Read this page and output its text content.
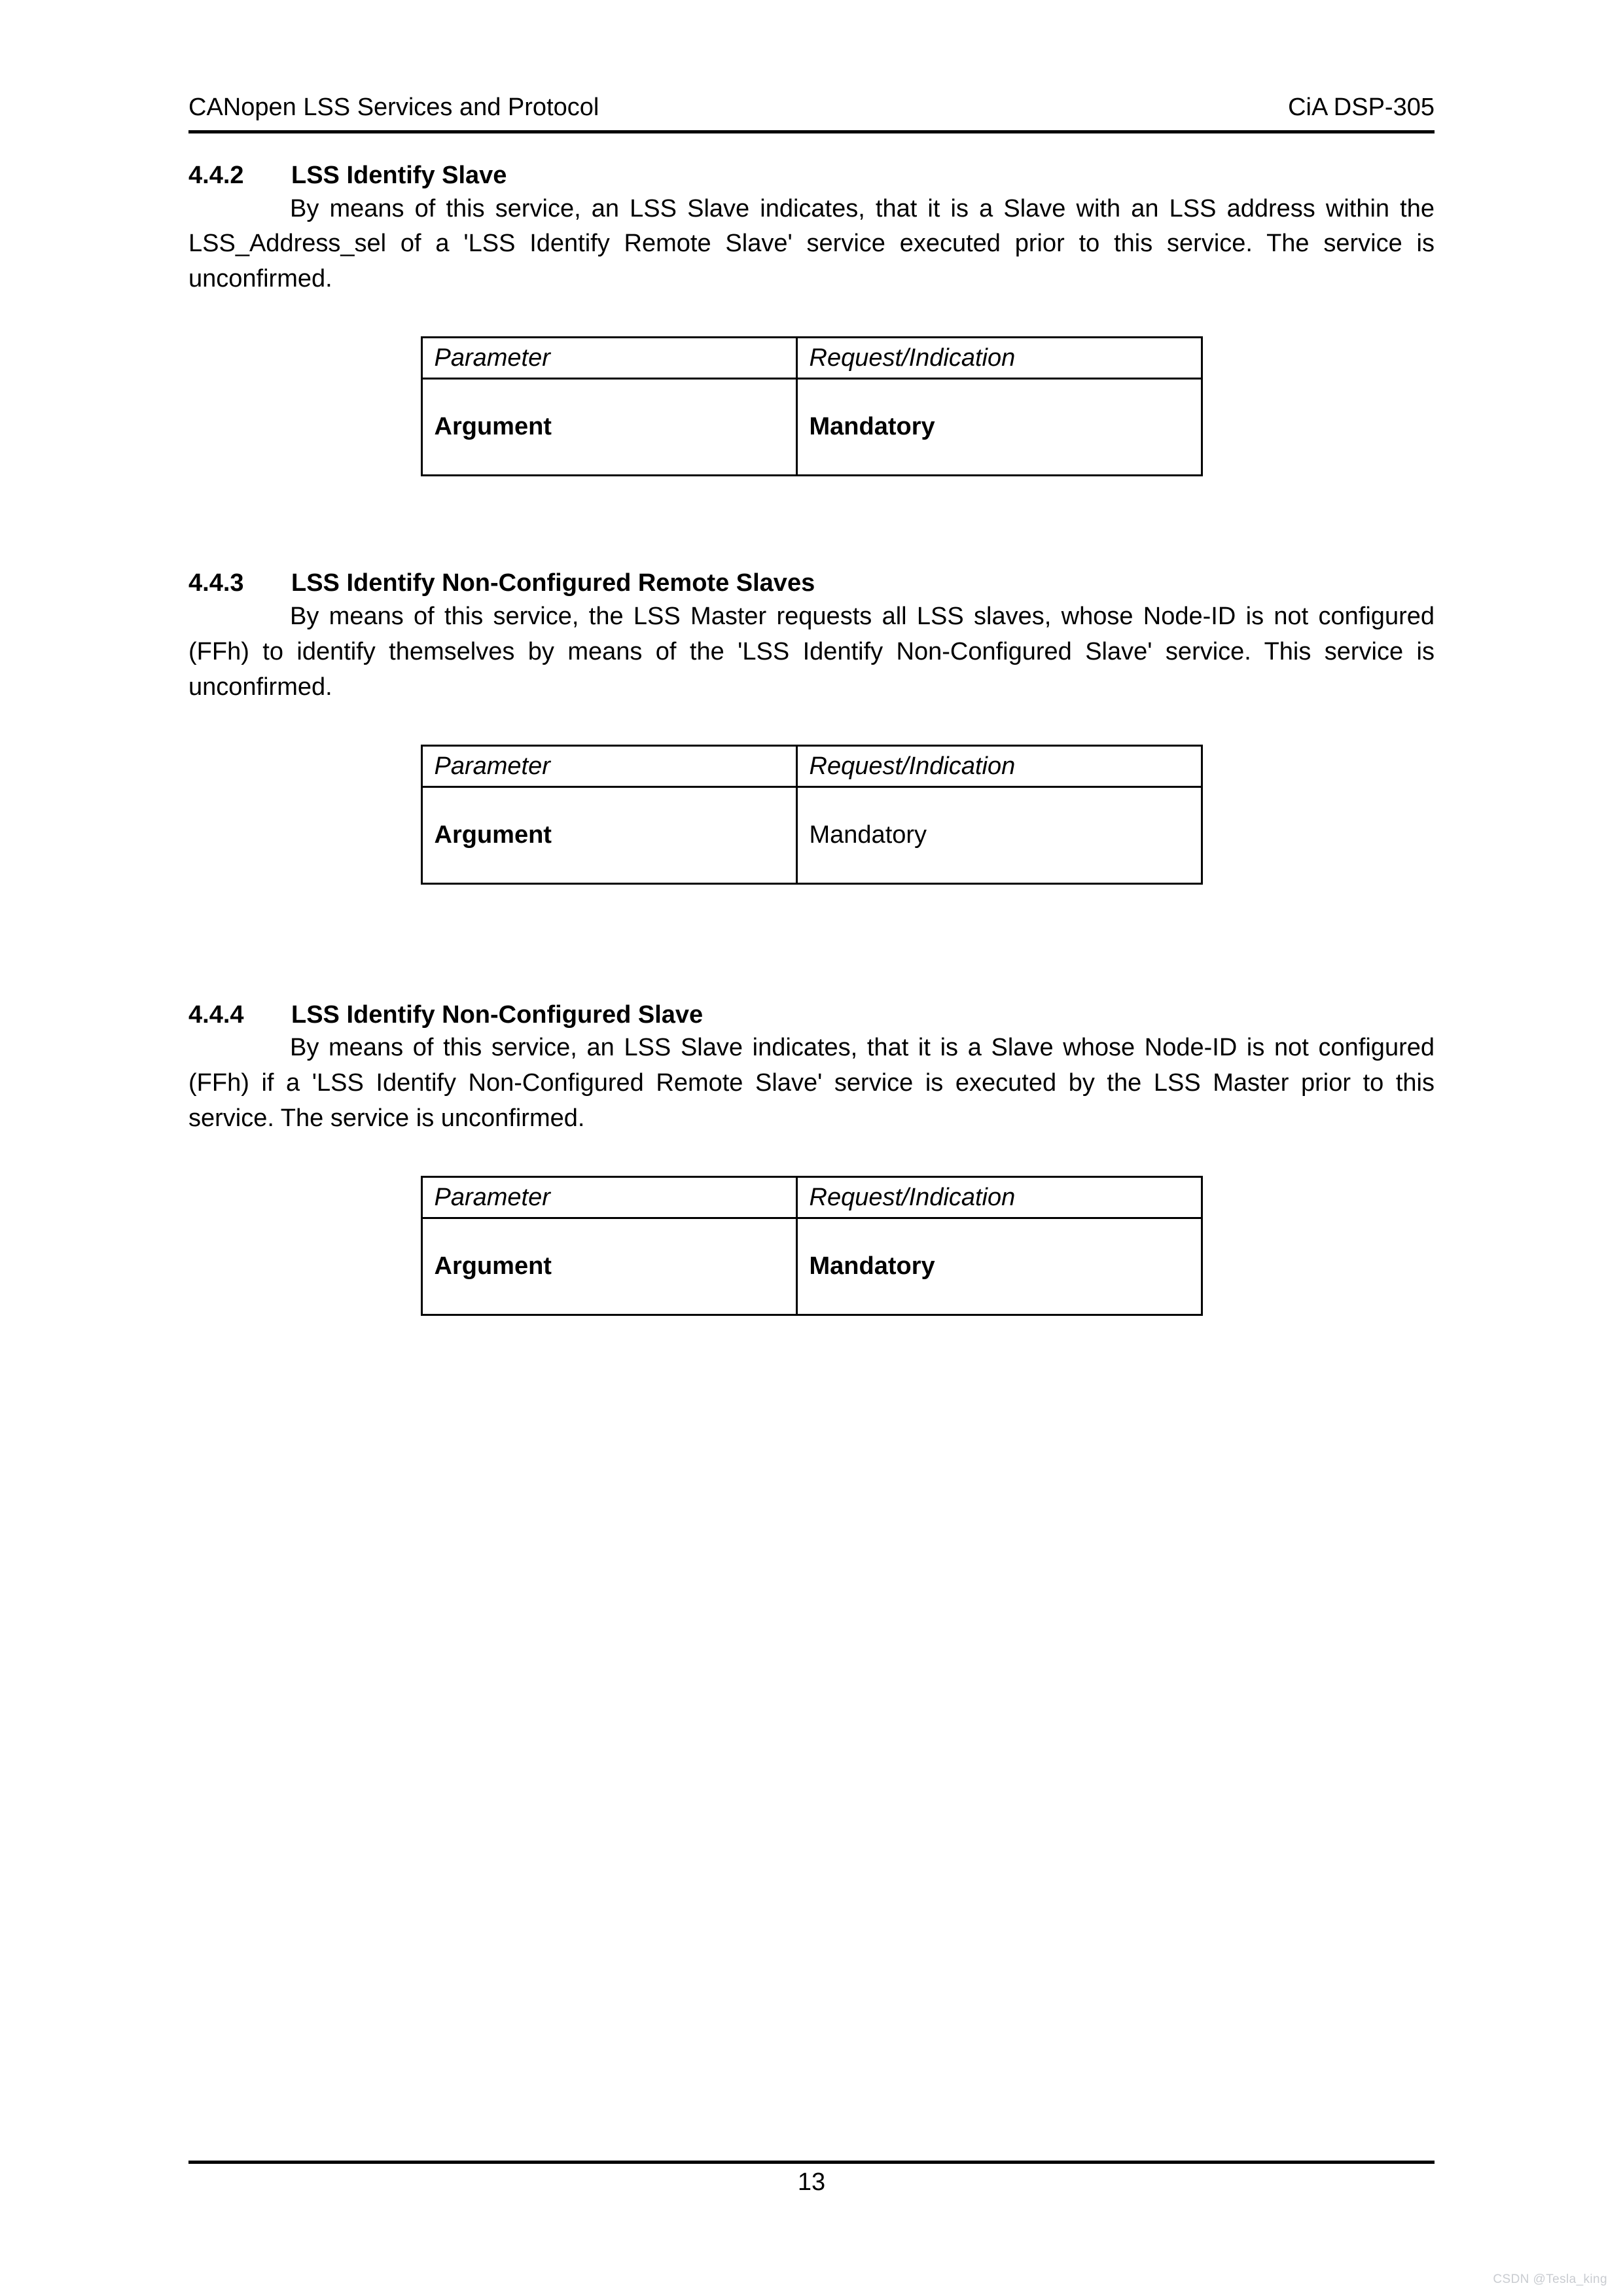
CANopen LSS Services and Protocol	CiA DSP-305
4.4.2	LSS Identify Slave

By means of this service, an LSS Slave indicates, that it is a Slave with an LSS address within the LSS_Address_sel of a 'LSS Identify Remote Slave' service executed prior to this service. The service is unconfirmed.

Parameter	Request/Indication
Argument	Mandatory
4.4.3	LSS Identify Non-Configured Remote Slaves

By means of this service, the LSS Master requests all LSS slaves, whose Node-ID is not configured (FFh) to identify themselves by means of the 'LSS Identify Non-Configured Slave' service. This service is unconfirmed.

Parameter	Request/Indication
Argument	Mandatory
4.4.4	LSS Identify Non-Configured Slave

By means of this service, an LSS Slave indicates, that it is a Slave whose Node-ID is not configured (FFh) if a 'LSS Identify Non-Configured Remote Slave' service is executed by the LSS Master prior to this service. The service is unconfirmed.

Parameter	Request/Indication
Argument	Mandatory
13
CSDN @Tesla_king
